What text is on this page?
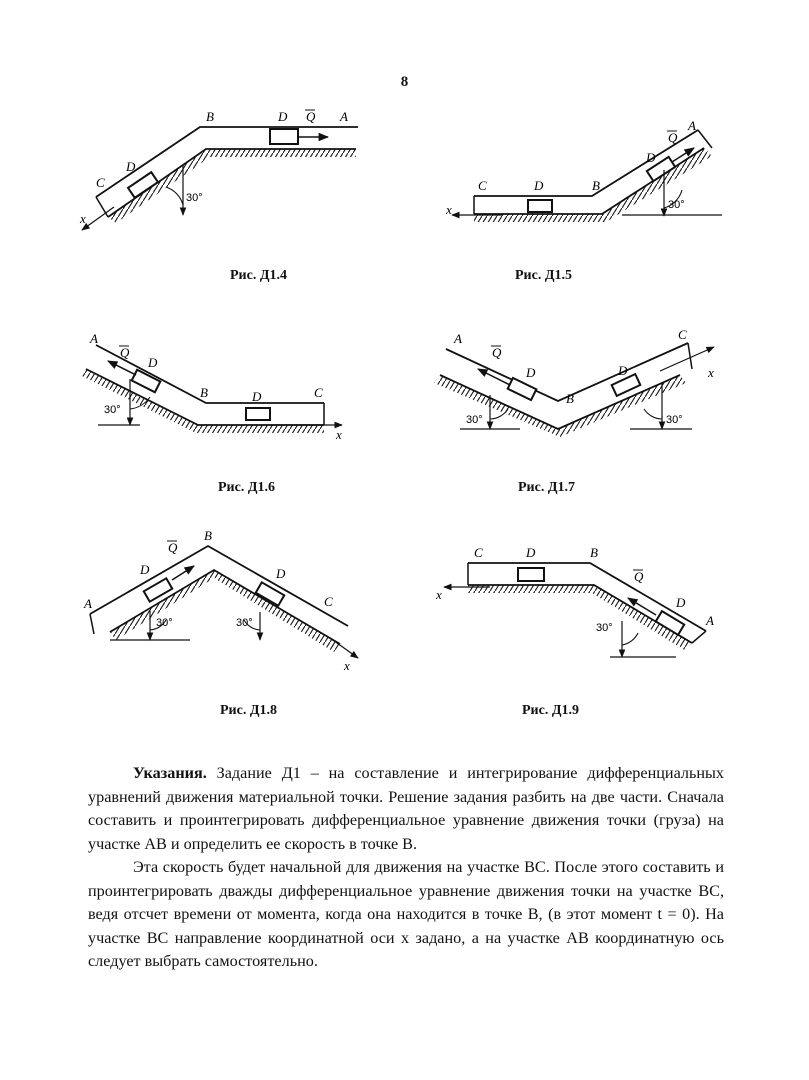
8
C
D
B	D Q A
x
30°
Рис. Д1.4
C	D	B
D
Q
A
x	30°
Рис. Д1.5
A
Q
D
B	D	C
x
30°
Рис. Д1.6
A
Q
D
B
D
C
x
30°	30°
Рис. Д1.7
A
D
Q
B
D
C
x
30°	30°
Рис. Д1.8
C	D	B
Q
D
A
x
30°
Рис. Д1.9

Указания. Задание Д1 – на составление и интегрирование дифференциальных уравнений движения материальной точки. Решение задания разбить на две части. Сначала составить и проинтегрировать дифференциальное уравнение движения точки (груза) на участке AB и определить ее скорость в точке B.

Эта скорость будет начальной для движения на участке BC. После этого составить и проинтегрировать дважды дифференциальное уравнение движения точки на участке BC, ведя отсчет времени от момента, когда она находится в точке B, (в этот момент t = 0). На участке BC направление координатной оси x задано, а на участке AB координатную ось следует выбрать самостоятельно.
